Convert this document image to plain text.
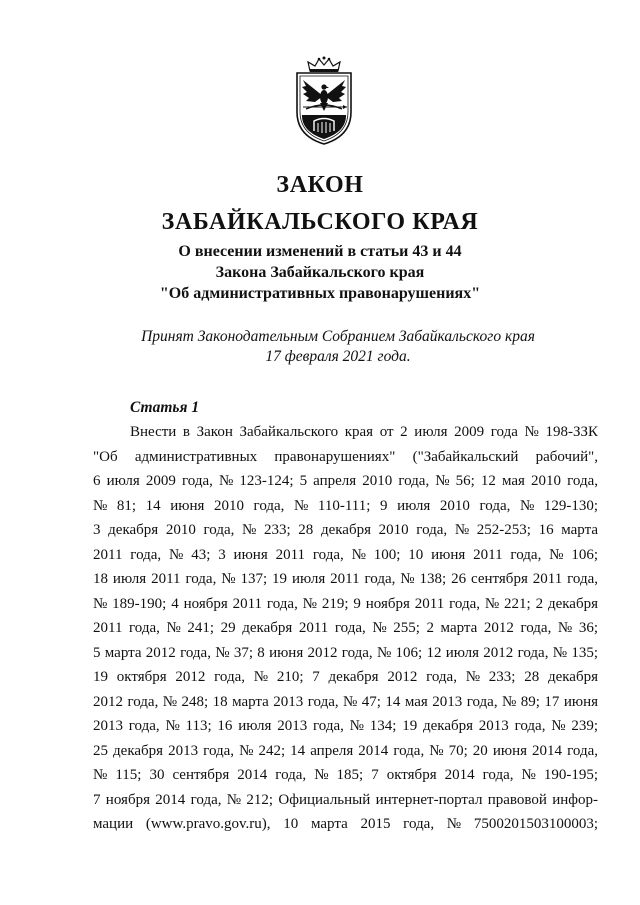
ЗАКОН
ЗАБАЙКАЛЬСКОГО КРАЯ
О внесении изменений в статьи 43 и 44
Закона Забайкальского края
"Об административных правонарушениях"
Принят Законодательным Собранием Забайкальского края
17 февраля 2021 года.
Статья 1
Внести в Закон Забайкальского края от 2 июля 2009 года № 198-ЗЗК
"Об административных правонарушениях" ("Забайкальский рабочий",
6 июля 2009 года, № 123-124; 5 апреля 2010 года, № 56; 12 мая 2010 года,
№ 81; 14 июня 2010 года, № 110-111; 9 июля 2010 года, № 129-130;
3 декабря 2010 года, № 233; 28 декабря 2010 года, № 252-253; 16 марта
2011 года, № 43; 3 июня 2011 года, № 100; 10 июня 2011 года, № 106;
18 июля 2011 года, № 137; 19 июля 2011 года, № 138; 26 сентября 2011 года,
№ 189-190; 4 ноября 2011 года, № 219; 9 ноября 2011 года, № 221; 2 декабря
2011 года, № 241; 29 декабря 2011 года, № 255; 2 марта 2012 года, № 36;
5 марта 2012 года, № 37; 8 июня 2012 года, № 106; 12 июля 2012 года, № 135;
19 октября 2012 года, № 210; 7 декабря 2012 года, № 233; 28 декабря
2012 года, № 248; 18 марта 2013 года, № 47; 14 мая 2013 года, № 89; 17 июня
2013 года, № 113; 16 июля 2013 года, № 134; 19 декабря 2013 года, № 239;
25 декабря 2013 года, № 242; 14 апреля 2014 года, № 70; 20 июня 2014 года,
№ 115; 30 сентября 2014 года, № 185; 7 октября 2014 года, № 190-195;
7 ноября 2014 года, № 212; Официальный интернет-портал правовой инфор-
мации (www.pravo.gov.ru), 10 марта 2015 года, № 7500201503100003;
